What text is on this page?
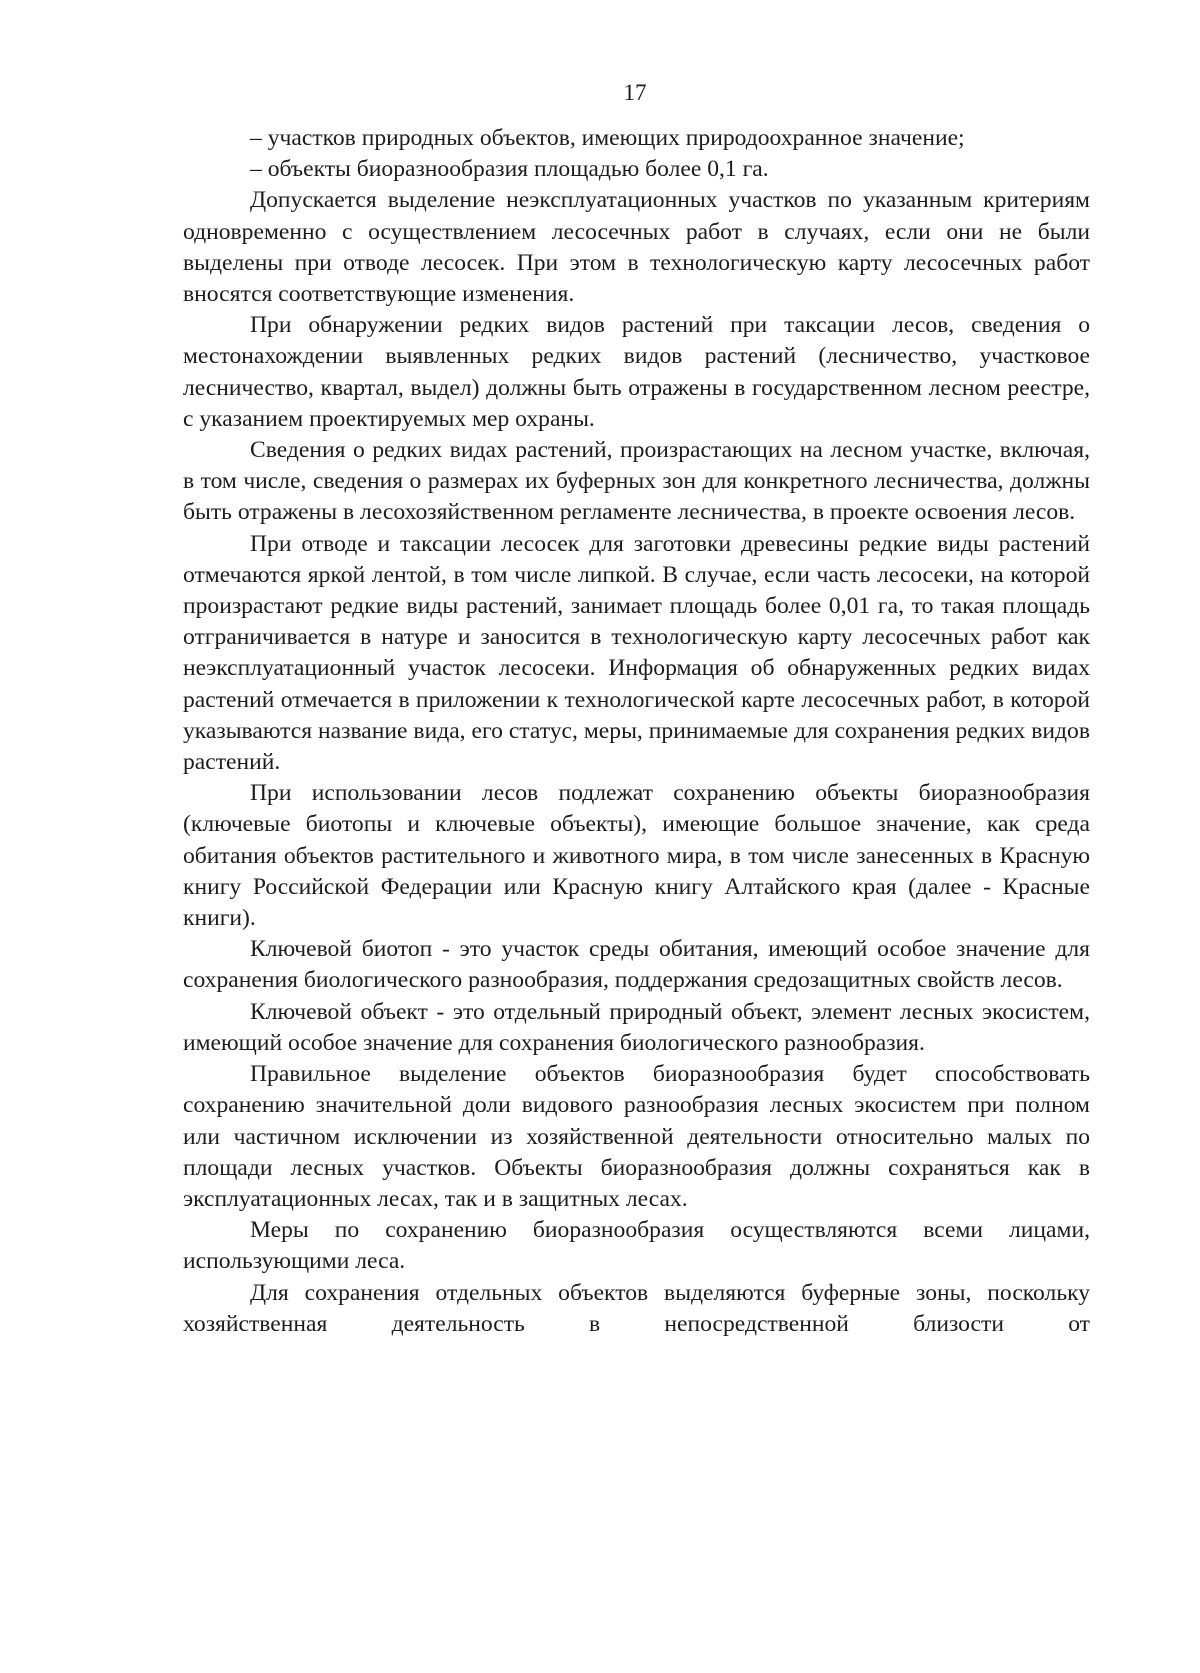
17

– участков природных объектов, имеющих природоохранное значение;

– объекты биоразнообразия площадью более 0,1 га.

Допускается выделение неэксплуатационных участков по указанным критериям одновременно с осуществлением лесосечных работ в случаях, если они не были выделены при отводе лесосек. При этом в технологическую карту лесосечных работ вносятся соответствующие изменения.

При обнаружении редких видов растений при таксации лесов, сведения о местонахождении выявленных редких видов растений (лесничество, участковое лесничество, квартал, выдел) должны быть отражены в государственном лесном реестре, с указанием проектируемых мер охраны.

Сведения о редких видах растений, произрастающих на лесном участке, включая, в том числе, сведения о размерах их буферных зон для конкретного лесничества, должны быть отражены в лесохозяйственном регламенте лесничества, в проекте освоения лесов.

При отводе и таксации лесосек для заготовки древесины редкие виды растений отмечаются яркой лентой, в том числе липкой. В случае, если часть лесосеки, на которой произрастают редкие виды растений, занимает площадь более 0,01 га, то такая площадь отграничивается в натуре и заносится в технологическую карту лесосечных работ как неэксплуатационный участок лесосеки. Информация об обнаруженных редких видах растений отмечается в приложении к технологической карте лесосечных работ, в которой указываются название вида, его статус, меры, принимаемые для сохранения редких видов растений.

При использовании лесов подлежат сохранению объекты биоразнообразия (ключевые биотопы и ключевые объекты), имеющие большое значение, как среда обитания объектов растительного и животного мира, в том числе занесенных в Красную книгу Российской Федерации или Красную книгу Алтайского края (далее - Красные книги).

Ключевой биотоп - это участок среды обитания, имеющий особое значение для сохранения биологического разнообразия, поддержания средозащитных свойств лесов.

Ключевой объект - это отдельный природный объект, элемент лесных экосистем, имеющий особое значение для сохранения биологического разнообразия.

Правильное выделение объектов биоразнообразия будет способствовать сохранению значительной доли видового разнообразия лесных экосистем при полном или частичном исключении из хозяйственной деятельности относительно малых по площади лесных участков. Объекты биоразнообразия должны сохраняться как в эксплуатационных лесах, так и в защитных лесах.

Меры по сохранению биоразнообразия осуществляются всеми лицами, использующими леса.

Для сохранения отдельных объектов выделяются буферные зоны, поскольку хозяйственная деятельность в непосредственной близости от
